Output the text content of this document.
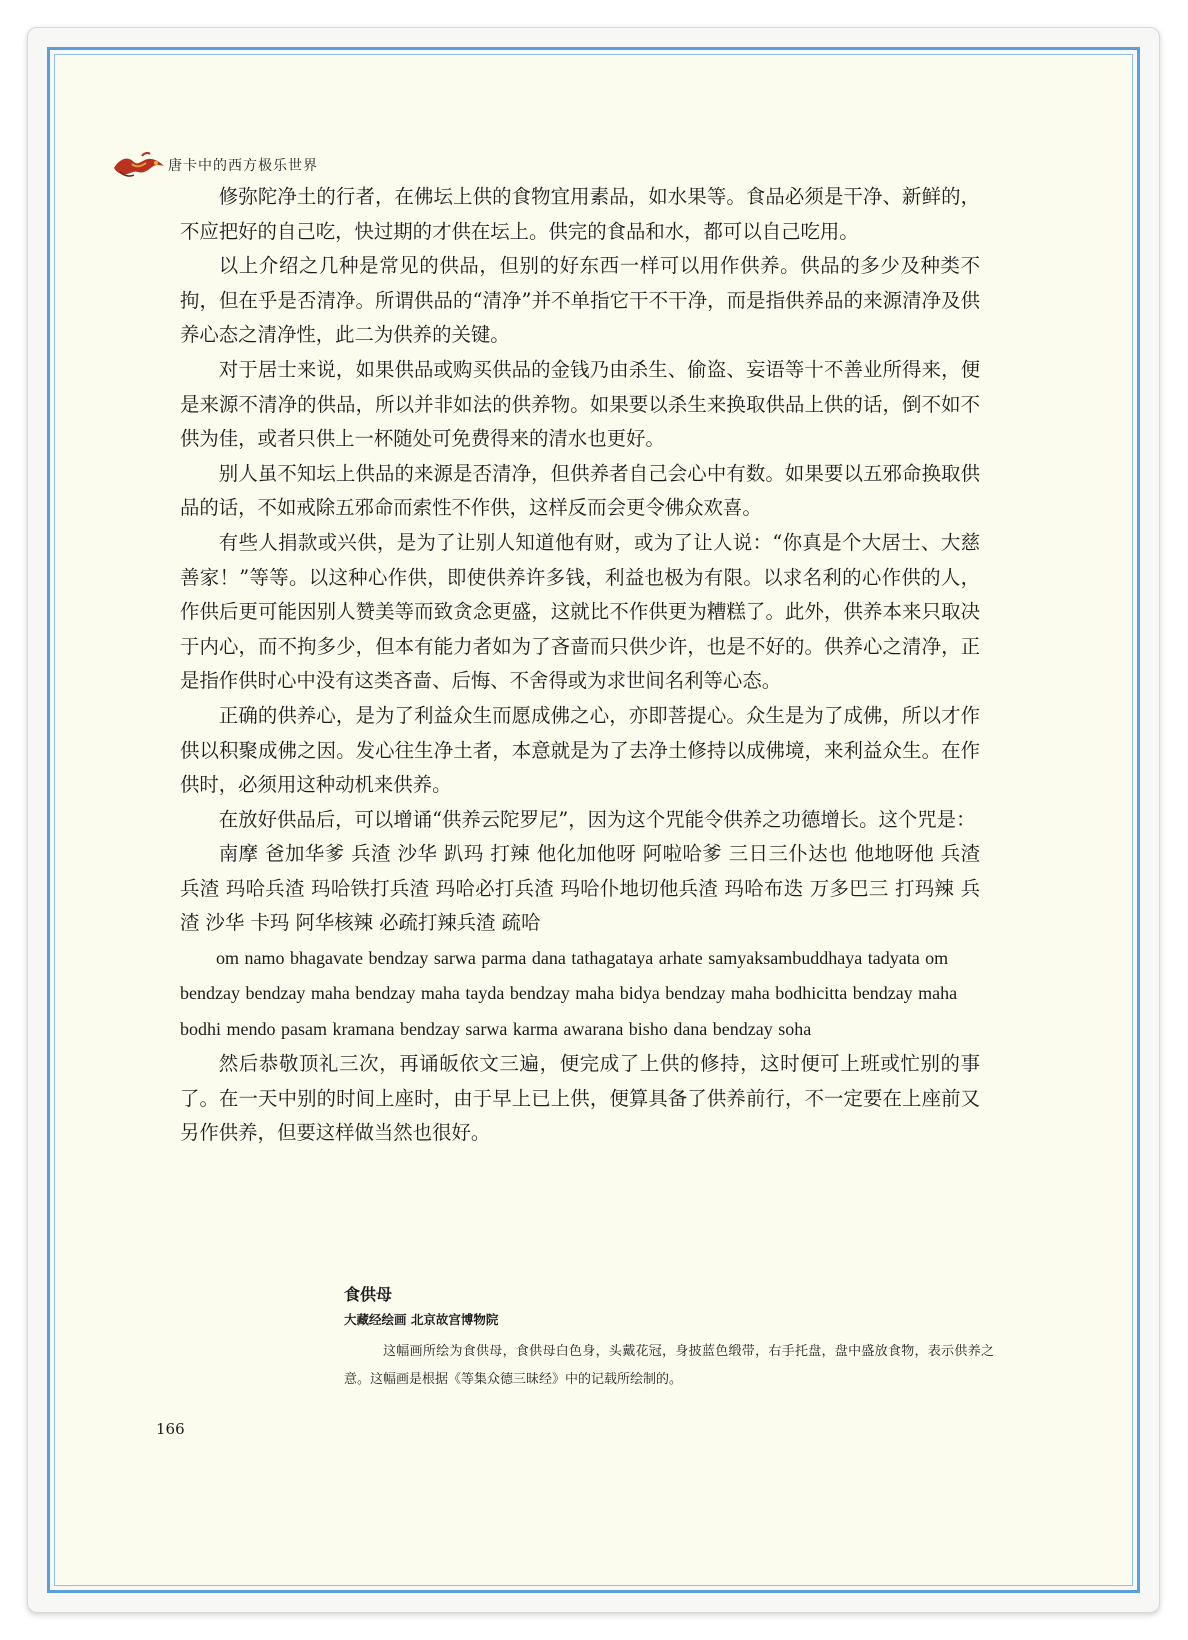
唐卡中的西方极乐世界

修弥陀净土的行者，在佛坛上供的食物宜用素品，如水果等。食品必须是干净、新鲜的，不应把好的自己吃，快过期的才供在坛上。供完的食品和水，都可以自己吃用。

以上介绍之几种是常见的供品，但别的好东西一样可以用作供养。供品的多少及种类不拘，但在乎是否清净。所谓供品的“清净”并不单指它干不干净，而是指供养品的来源清净及供养心态之清净性，此二为供养的关键。

对于居士来说，如果供品或购买供品的金钱乃由杀生、偷盗、妄语等十不善业所得来，便是来源不清净的供品，所以并非如法的供养物。如果要以杀生来换取供品上供的话，倒不如不供为佳，或者只供上一杯随处可免费得来的清水也更好。

别人虽不知坛上供品的来源是否清净，但供养者自己会心中有数。如果要以五邪命换取供品的话，不如戒除五邪命而索性不作供，这样反而会更令佛众欢喜。

有些人捐款或兴供，是为了让别人知道他有财，或为了让人说：“你真是个大居士、大慈善家！”等等。以这种心作供，即使供养许多钱，利益也极为有限。以求名利的心作供的人，作供后更可能因别人赞美等而致贪念更盛，这就比不作供更为糟糕了。此外，供养本来只取决于内心，而不拘多少，但本有能力者如为了吝啬而只供少许，也是不好的。供养心之清净，正是指作供时心中没有这类吝啬、后悔、不舍得或为求世间名利等心态。

正确的供养心，是为了利益众生而愿成佛之心，亦即菩提心。众生是为了成佛，所以才作供以积聚成佛之因。发心往生净土者，本意就是为了去净土修持以成佛境，来利益众生。在作供时，必须用这种动机来供养。

在放好供品后，可以增诵“供养云陀罗尼”，因为这个咒能令供养之功德增长。这个咒是：

南摩 爸加华爹 兵渣 沙华 趴玛 打辣 他化加他呀 阿啦哈爹 三日三仆达也 他地呀他 兵渣 兵渣 玛哈兵渣 玛哈铁打兵渣 玛哈必打兵渣 玛哈仆地切他兵渣 玛哈布迭 万多巴三 打玛辣 兵渣 沙华 卡玛 阿华核辣 必疏打辣兵渣 疏哈

om namo bhagavate bendzay sarwa parma dana tathagataya arhate samyaksambuddhaya tadyata om bendzay bendzay maha bendzay maha tayda bendzay maha bidya bendzay maha bodhicitta bendzay maha bodhi mendo pasam kramana bendzay sarwa karma awarana bisho dana bendzay soha

然后恭敬顶礼三次，再诵皈依文三遍，便完成了上供的修持，这时便可上班或忙别的事了。在一天中别的时间上座时，由于早上已上供，便算具备了供养前行，不一定要在上座前又另作供养，但要这样做当然也很好。

食供母

大藏经绘画 北京故宫博物院

这幅画所绘为食供母，食供母白色身，头戴花冠，身披蓝色缎带，右手托盘，盘中盛放食物，表示供养之意。这幅画是根据《等集众德三昧经》中的记载所绘制的。

166
